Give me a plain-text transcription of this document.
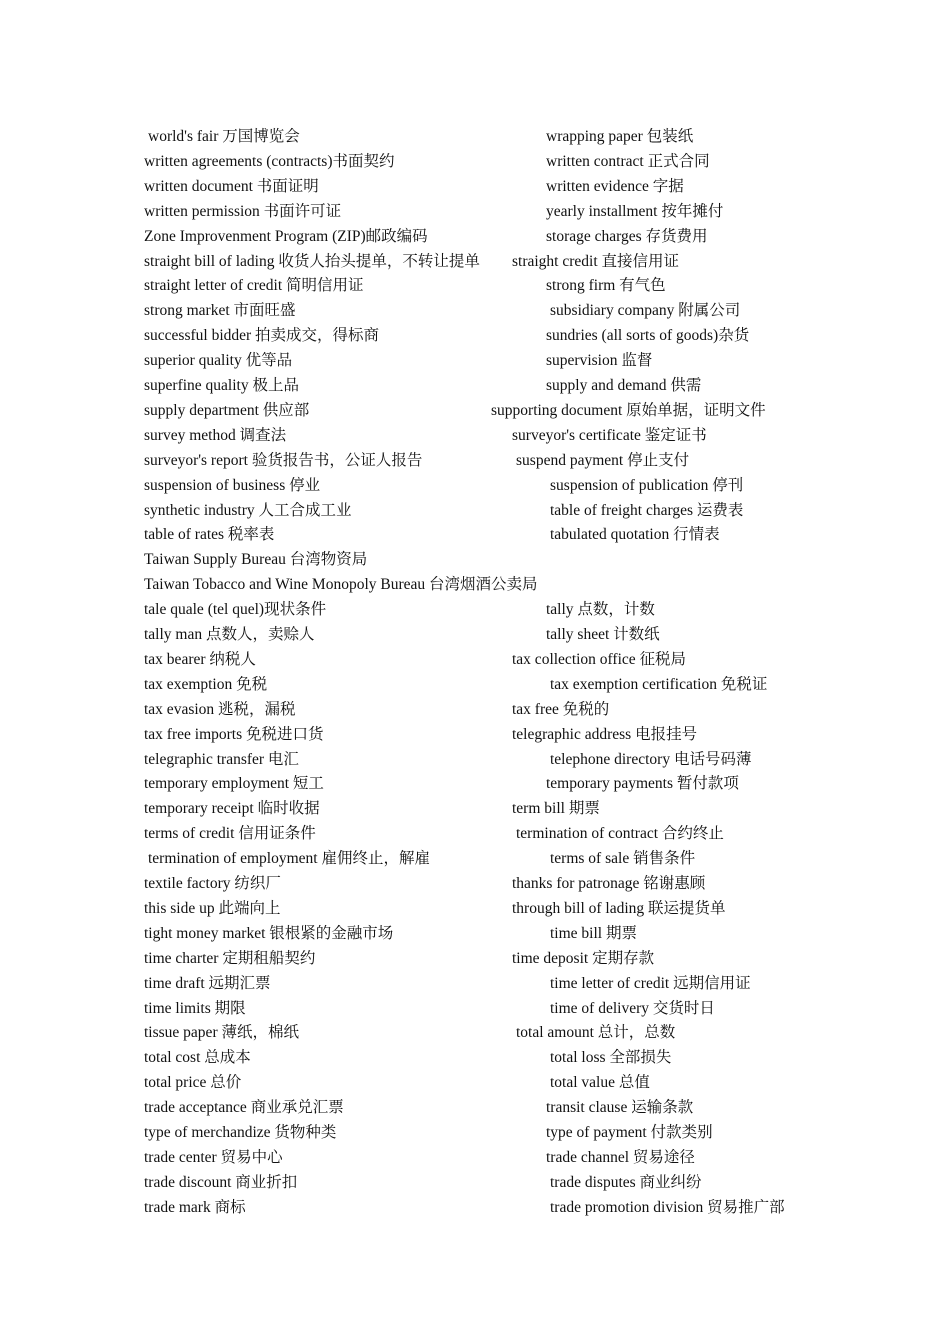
world's fair 万国博览会	wrapping paper 包装纸
written agreements (contracts)书面契约	written contract 正式合同
written document 书面证明	written evidence 字据
written permission 书面许可证	yearly installment 按年摊付
Zone Improvenment Program (ZIP)邮政编码	storage charges 存货费用
straight bill of lading 收货人抬头提单，不转让提单 straight credit 直接信用证
straight letter of credit 简明信用证	strong firm 有气色
strong market 市面旺盛	subsidiary company 附属公司
successful bidder 拍卖成交，得标商	sundries (all sorts of goods)杂货
superior quality 优等品	supervision 监督
superfine quality 极上品	supply and demand 供需
supply department 供应部	supporting document 原始单据，证明文件
survey method 调查法	surveyor's certificate 鉴定证书
surveyor's report 验货报告书，公证人报告	suspend payment 停止支付
suspension of business 停业	suspension of publication 停刊
synthetic industry 人工合成工业	table of freight charges 运费表
table of rates 税率表	tabulated quotation 行情表
Taiwan Supply Bureau 台湾物资局
Taiwan Tobacco and Wine Monopoly Bureau 台湾烟酒公卖局
tale quale (tel quel)现状条件	tally 点数，计数
tally man 点数人，卖赊人	tally sheet 计数纸
tax bearer 纳税人	tax collection office 征税局
tax exemption 免税	tax exemption certification 免税证
tax evasion 逃税，漏税	tax free 免税的
tax free imports 免税进口货	telegraphic address 电报挂号
telegraphic transfer 电汇	telephone directory 电话号码薄
temporary employment 短工	temporary payments 暂付款项
temporary receipt 临时收据	term bill 期票
terms of credit 信用证条件	termination of contract 合约终止
termination of employment 雇佣终止，解雇	terms of sale 销售条件
textile factory 纺织厂	thanks for patronage 铭谢惠顾
this side up 此端向上	through bill of lading 联运提货单
tight money market 银根紧的金融市场	time bill 期票
time charter 定期租船契约	time deposit 定期存款
time draft 远期汇票	time letter of credit 远期信用证
time limits 期限	time of delivery 交货时日
tissue paper 薄纸，棉纸	total amount 总计，总数
total cost 总成本	total loss 全部损失
total price 总价	total value 总值
trade acceptance 商业承兑汇票	transit clause 运输条款
type of merchandize 货物种类	type of payment 付款类别
trade center 贸易中心	trade channel 贸易途径
trade discount 商业折扣	trade disputes 商业纠纷
trade mark 商标	trade promotion division 贸易推广部
